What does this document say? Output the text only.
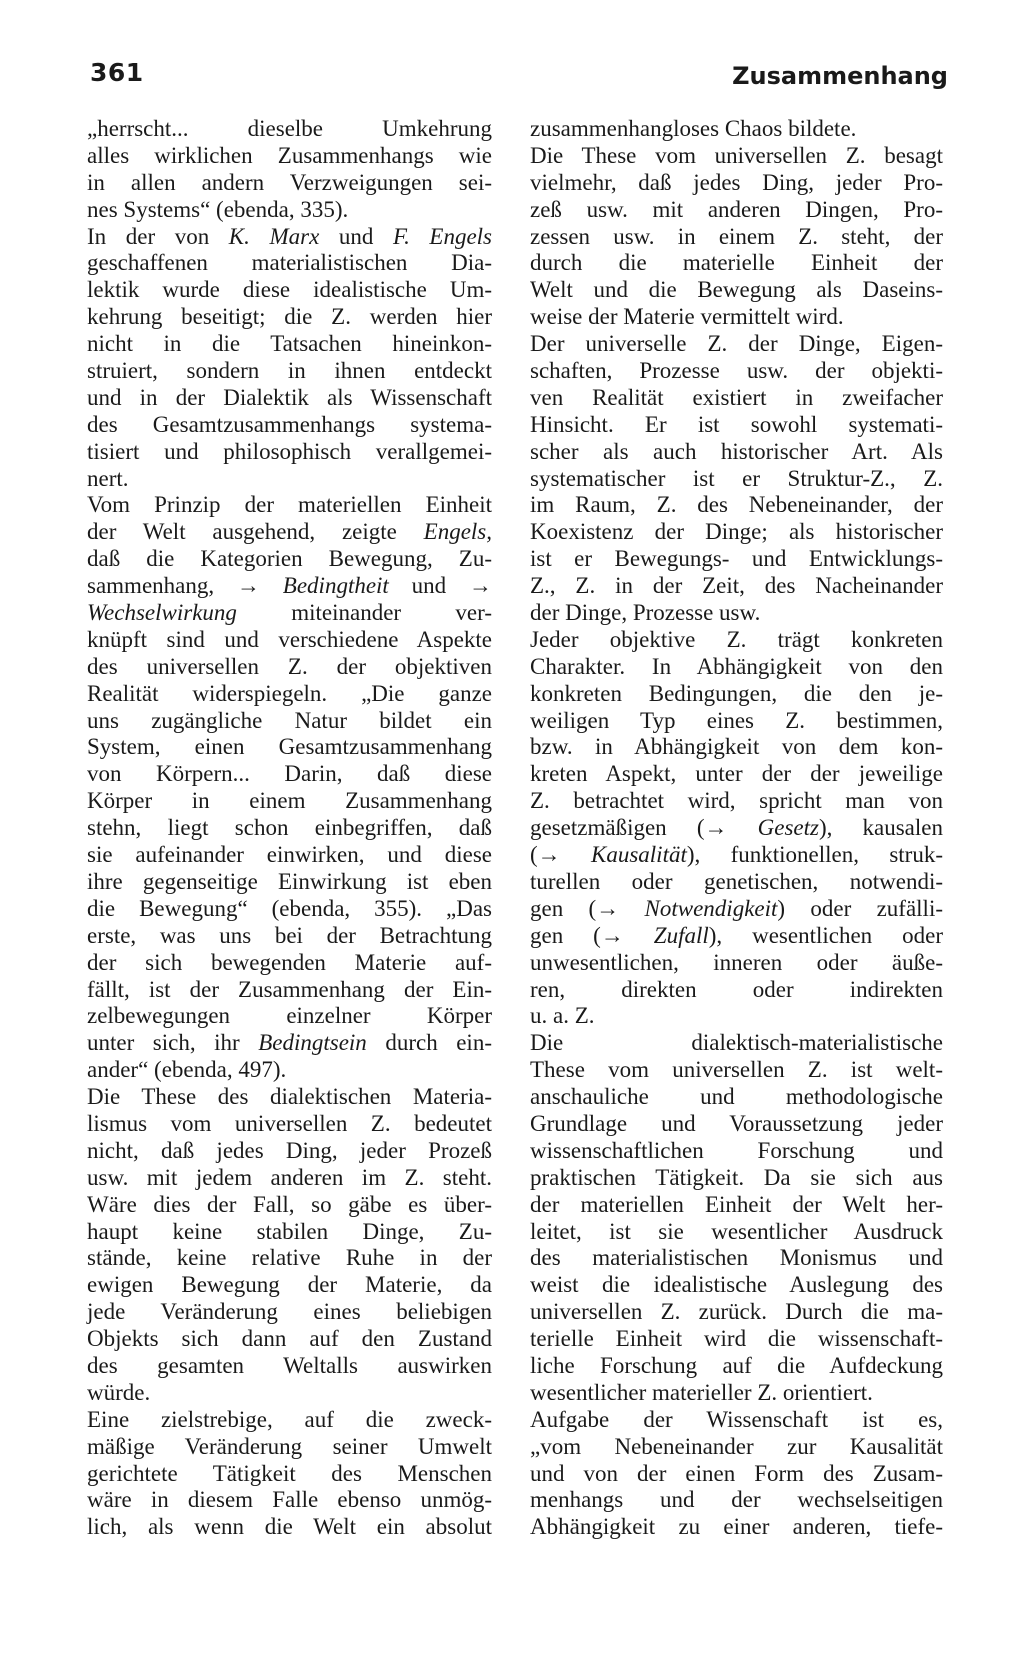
361	Zusammenhang
„herrscht... dieselbe Umkehrung
alles wirklichen Zusammenhangs wie
in allen andern Verzweigungen sei-
nes Systems“ (ebenda, 335).
In der von K. Marx und F. Engels
geschaffenen materialistischen Dia-
lektik wurde diese idealistische Um-
kehrung beseitigt; die Z. werden hier
nicht in die Tatsachen hineinkon-
struiert, sondern in ihnen entdeckt
und in der Dialektik als Wissenschaft
des Gesamtzusammenhangs systema-
tisiert und philosophisch verallgemei-
nert.
Vom Prinzip der materiellen Einheit
der Welt ausgehend, zeigte Engels,
daß die Kategorien Bewegung, Zu-
sammenhang, → Bedingtheit und →
Wechselwirkung miteinander ver-
knüpft sind und verschiedene Aspekte
des universellen Z. der objektiven
Realität widerspiegeln. „Die ganze
uns zugängliche Natur bildet ein
System, einen Gesamtzusammenhang
von Körpern... Darin, daß diese
Körper in einem Zusammenhang
stehn, liegt schon einbegriffen, daß
sie aufeinander einwirken, und diese
ihre gegenseitige Einwirkung ist eben
die Bewegung“ (ebenda, 355). „Das
erste, was uns bei der Betrachtung
der sich bewegenden Materie auf-
fällt, ist der Zusammenhang der Ein-
zelbewegungen einzelner Körper
unter sich, ihr Bedingtsein durch ein-
ander“ (ebenda, 497).
Die These des dialektischen Materia-
lismus vom universellen Z. bedeutet
nicht, daß jedes Ding, jeder Prozeß
usw. mit jedem anderen im Z. steht.
Wäre dies der Fall, so gäbe es über-
haupt keine stabilen Dinge, Zu-
stände, keine relative Ruhe in der
ewigen Bewegung der Materie, da
jede Veränderung eines beliebigen
Objekts sich dann auf den Zustand
des gesamten Weltalls auswirken
würde.
Eine zielstrebige, auf die zweck-
mäßige Veränderung seiner Umwelt
gerichtete Tätigkeit des Menschen
wäre in diesem Falle ebenso unmög-
lich, als wenn die Welt ein absolut
zusammenhangloses Chaos bildete.
Die These vom universellen Z. besagt
vielmehr, daß jedes Ding, jeder Pro-
zeß usw. mit anderen Dingen, Pro-
zessen usw. in einem Z. steht, der
durch die materielle Einheit der
Welt und die Bewegung als Daseins-
weise der Materie vermittelt wird.
Der universelle Z. der Dinge, Eigen-
schaften, Prozesse usw. der objekti-
ven Realität existiert in zweifacher
Hinsicht. Er ist sowohl systemati-
scher als auch historischer Art. Als
systematischer ist er Struktur-Z., Z.
im Raum, Z. des Nebeneinander, der
Koexistenz der Dinge; als historischer
ist er Bewegungs- und Entwicklungs-
Z., Z. in der Zeit, des Nacheinander
der Dinge, Prozesse usw.
Jeder objektive Z. trägt konkreten
Charakter. In Abhängigkeit von den
konkreten Bedingungen, die den je-
weiligen Typ eines Z. bestimmen,
bzw. in Abhängigkeit von dem kon-
kreten Aspekt, unter der der jeweilige
Z. betrachtet wird, spricht man von
gesetzmäßigen (→ Gesetz), kausalen
(→ Kausalität), funktionellen, struk-
turellen oder genetischen, notwendi-
gen (→ Notwendigkeit) oder zufälli-
gen (→ Zufall), wesentlichen oder
unwesentlichen, inneren oder äuße-
ren, direkten oder indirekten
u. a. Z.
Die dialektisch-materialistische
These vom universellen Z. ist welt-
anschauliche und methodologische
Grundlage und Voraussetzung jeder
wissenschaftlichen Forschung und
praktischen Tätigkeit. Da sie sich aus
der materiellen Einheit der Welt her-
leitet, ist sie wesentlicher Ausdruck
des materialistischen Monismus und
weist die idealistische Auslegung des
universellen Z. zurück. Durch die ma-
terielle Einheit wird die wissenschaft-
liche Forschung auf die Aufdeckung
wesentlicher materieller Z. orientiert.
Aufgabe der Wissenschaft ist es,
„vom Nebeneinander zur Kausalität
und von der einen Form des Zusam-
menhangs und der wechselseitigen
Abhängigkeit zu einer anderen, tiefe-
